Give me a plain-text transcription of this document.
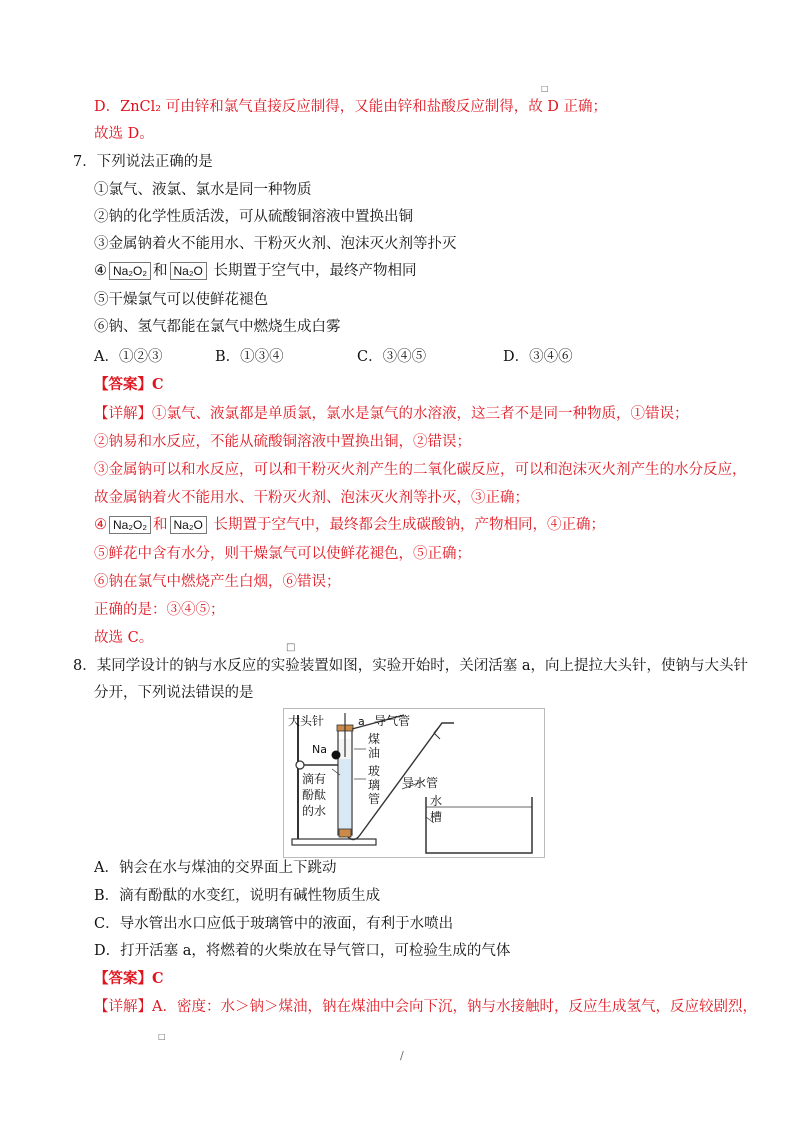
□
D．ZnCl₂ 可由锌和氯气直接反应制得，又能由锌和盐酸反应制得，故 D 正确；
故选 D。
7．下列说法正确的是
①氯气、液氯、氯水是同一种物质
②钠的化学性质活泼，可从硫酸铜溶液中置换出铜
③金属钠着火不能用水、干粉灭火剂、泡沫灭火剂等扑灭
④ Na₂O₂ 和 Na₂O 长期置于空气中，最终产物相同
⑤干燥氯气可以使鲜花褪色
⑥钠、氢气都能在氯气中燃烧生成白雾
A．①②③	B．①③④	C．③④⑤	D．③④⑥
【答案】C
【详解】①氯气、液氯都是单质氯，氯水是氯气的水溶液，这三者不是同一种物质，①错误；
②钠易和水反应，不能从硫酸铜溶液中置换出铜，②错误；
③金属钠可以和水反应，可以和干粉灭火剂产生的二氧化碳反应，可以和泡沫灭火剂产生的水分反应，
故金属钠着火不能用水、干粉灭火剂、泡沫灭火剂等扑灭，③正确；
④ Na₂O₂ 和 Na₂O 长期置于空气中，最终都会生成碳酸钠，产物相同，④正确；
⑤鲜花中含有水分，则干燥氯气可以使鲜花褪色，⑤正确；
⑥钠在氯气中燃烧产生白烟，⑥错误；
正确的是：③④⑤；
故选 C。
□
8．某同学设计的钠与水反应的实验装置如图，实验开始时，关闭活塞 a，向上提拉大头针，使钠与大头针
分开，下列说法错误的是
大头针	a 导气管
Na
煤
油
玻
璃
管
滴有
酚酞
的水
导水管
水
槽
A．钠会在水与煤油的交界面上下跳动
B．滴有酚酞的水变红，说明有碱性物质生成
C．导水管出水口应低于玻璃管中的液面，有利于水喷出
D．打开活塞 a，将燃着的火柴放在导气管口，可检验生成的气体
【答案】C
【详解】A．密度：水＞钠＞煤油，钠在煤油中会向下沉，钠与水接触时，反应生成氢气，反应较剧烈，
□
/
